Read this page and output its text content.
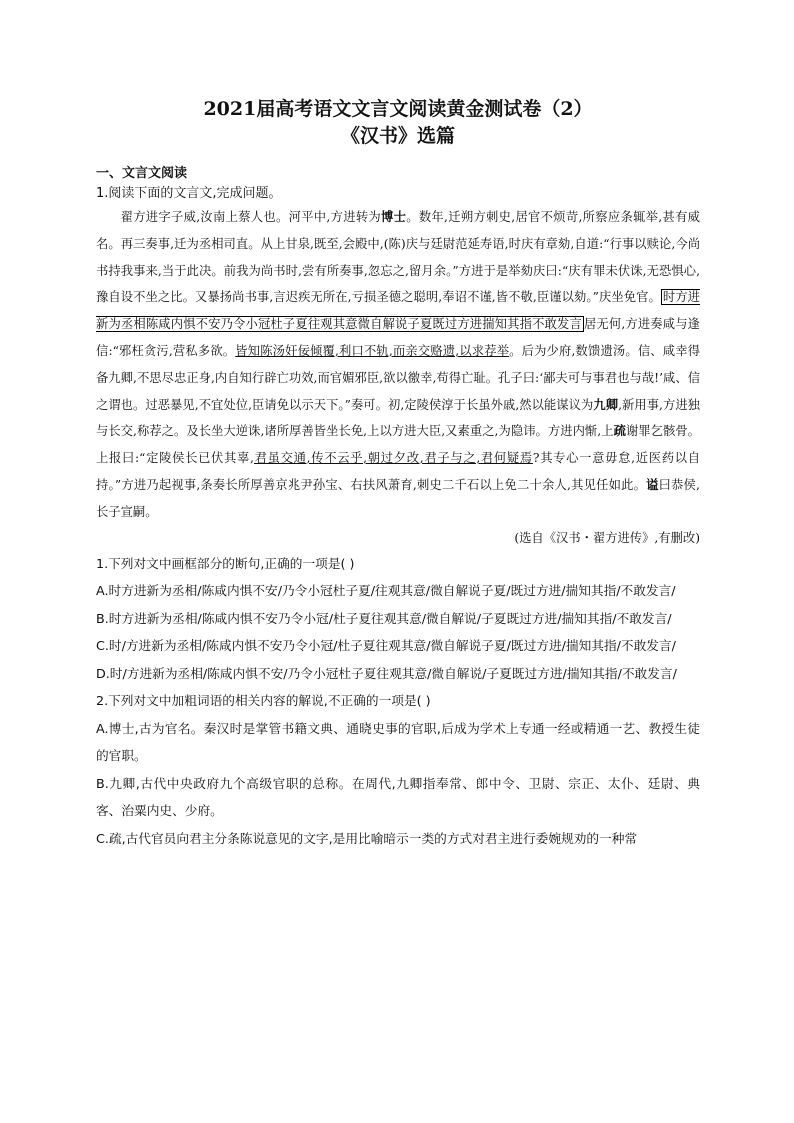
2021届高考语文文言文阅读黄金测试卷（2）
《汉书》选篇
一、文言文阅读
1.阅读下面的文言文,完成问题。

翟方进字子威,汝南上蔡人也。河平中,方进转为博士。数年,迁朔方刺史,居官不烦苛,所察应条辄举,甚有威名。再三奏事,迁为丞相司直。从上甘泉,既至,会殿中,(陈)庆与廷尉范延寿语,时庆有章劾,自道:“行事以赎论,今尚书持我事来,当于此决。前我为尚书时,尝有所奏事,忽忘之,留月余。”方进于是举劾庆曰:“庆有罪未伏诛,无恐惧心,豫自设不坐之比。又暴扬尚书事,言迟疾无所在,亏损圣德之聪明,奉诏不谨,皆不敬,臣谨以劾。”庆坐免官。 时方进新为丞相陈咸内惧不安乃令小冠杜子夏往观其意微自解说子夏既过方进揣知其指不敢发言 居无何,方进奏咸与逢信:“邪枉贪污,营私多欲。皆知陈汤奸佞倾覆,利口不轨,而亲交赂遗,以求荐举。后为少府,数馈遗汤。信、咸幸得备九卿,不思尽忠正身,内自知行辟亡功效,而官媚邪臣,欲以徼幸,苟得亡耻。孔子曰:‘鄙夫可与事君也与哉!’咸、信之谓也。过恶暴见,不宜处位,臣请免以示天下。”奏可。初,定陵侯淳于长虽外戚,然以能谋议为九卿,新用事,方进独与长交,称荐之。及长坐大逆诛,诸所厚善皆坐长免,上以方进大臣,又素重之,为隐讳。方进内惭,上疏谢罪乞骸骨。上报曰:“定陵侯长已伏其辜,君虽交通,传不云乎,朝过夕改,君子与之,君何疑焉?其专心一意毋怠,近医药以自持。”方进乃起视事,条奏长所厚善京兆尹孙宝、右扶风萧育,刺史二千石以上免二十余人,其见任如此。谥曰恭侯,长子宣嗣。

(选自《汉书・翟方进传》,有删改)

1.下列对文中画框部分的断句,正确的一项是( )

A.时方进新为丞相/陈咸内惧不安/乃令小冠杜子夏/往观其意/微自解说子夏/既过方进/揣知其指/不敢发言/

B.时方进新为丞相/陈咸内惧不安乃令小冠/杜子夏往观其意/微自解说/子夏既过方进/揣知其指/不敢发言/

C.时/方进新为丞相/陈咸内惧不安乃令小冠/杜子夏往观其意/微自解说子夏/既过方进/揣知其指/不敢发言/

D.时/方进新为丞相/陈咸内惧不安/乃令小冠杜子夏往观其意/微自解说/子夏既过方进/揣知其指/不敢发言/

2.下列对文中加粗词语的相关内容的解说,不正确的一项是( )

A.博士,古为官名。秦汉时是掌管书籍文典、通晓史事的官职,后成为学术上专通一经或精通一艺、教授生徒的官职。

B.九卿,古代中央政府九个高级官职的总称。在周代,九卿指奉常、郎中令、卫尉、宗正、太仆、廷尉、典客、治粟内史、少府。

C.疏,古代官员向君主分条陈说意见的文字,是用比喻暗示一类的方式对君主进行委婉规劝的一种常
